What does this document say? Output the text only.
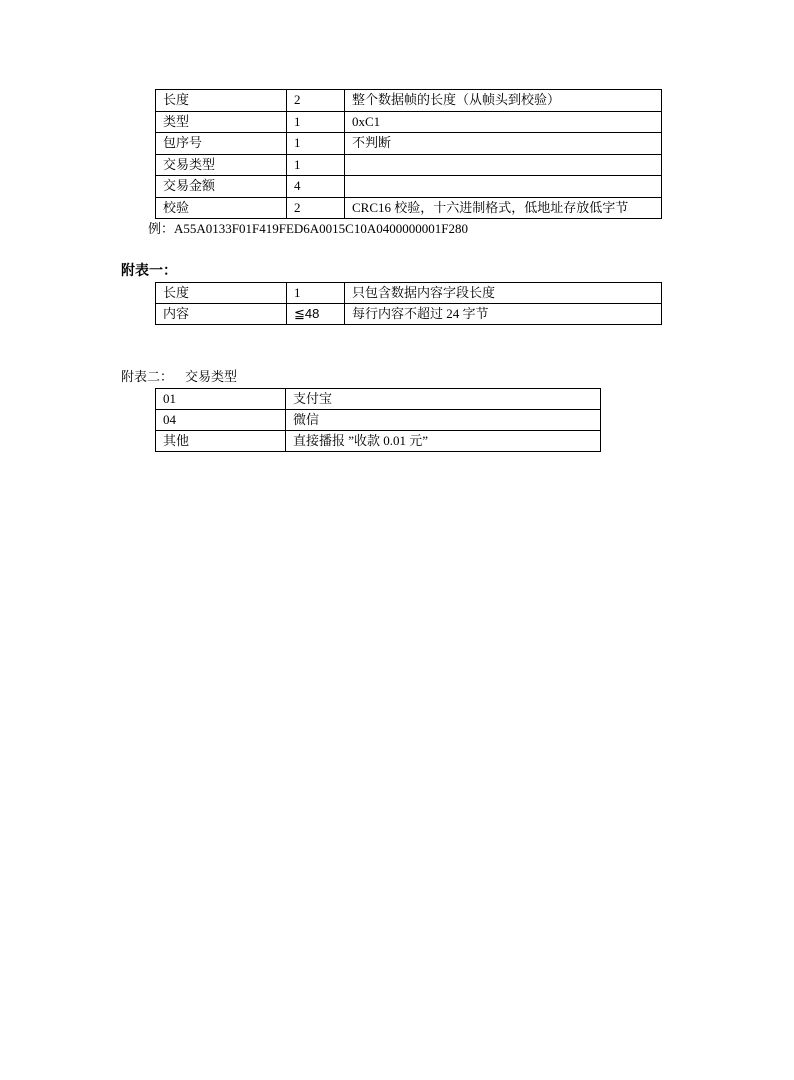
长度	2	整个数据帧的长度（从帧头到校验）
类型	1	0xC1
包序号	1	不判断
交易类型	1	
交易金额	4	
校验	2	CRC16 校验，十六进制格式，低地址存放低字节
例：A55A0133F01F419FED6A0015C10A0400000001F280
附表一：
长度	1	只包含数据内容字段长度
内容	≦48	每行内容不超过 24 字节
附表二： 交易类型
01	支付宝
04	微信
其他	直接播报 ”收款 0.01 元”
